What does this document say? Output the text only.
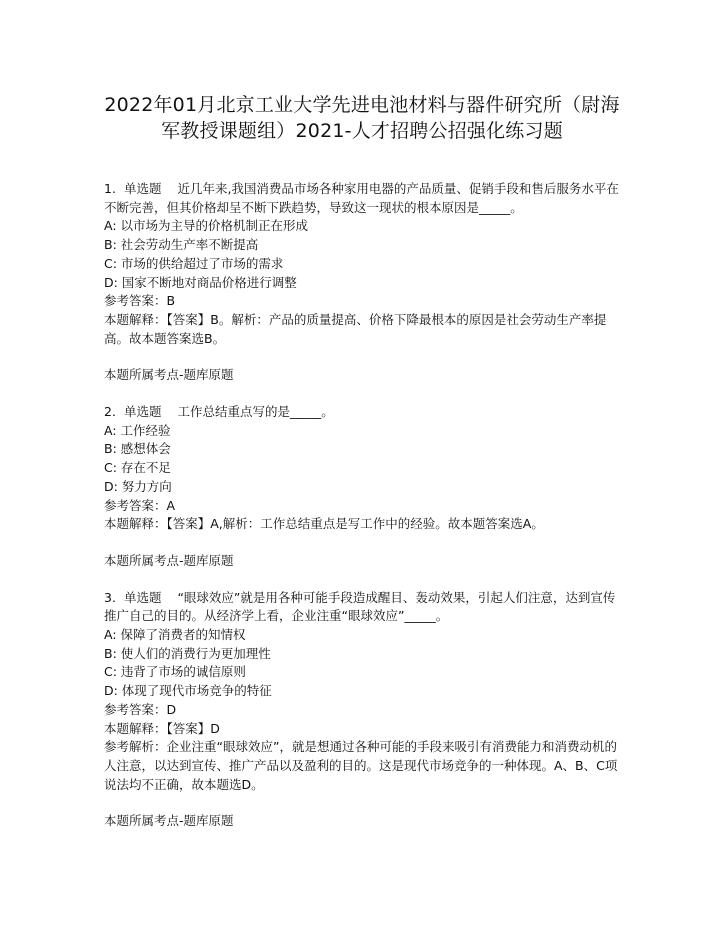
2022年01月北京工业大学先进电池材料与器件研究所（尉海
军教授课题组）2021-人才招聘公招强化练习题
1. 单选题 近几年来,我国消费品市场各种家用电器的产品质量、促销手段和售后服务水平在不断完善，但其价格却呈不断下跌趋势，导致这一现状的根本原因是_____。
A: 以市场为主导的价格机制正在形成
B: 社会劳动生产率不断提高
C: 市场的供给超过了市场的需求
D: 国家不断地对商品价格进行调整
参考答案：B
本题解释：【答案】B。解析：产品的质量提高、价格下降最根本的原因是社会劳动生产率提高。故本题答案选B。
本题所属考点-题库原题
2. 单选题 工作总结重点写的是_____。
A: 工作经验
B: 感想体会
C: 存在不足
D: 努力方向
参考答案：A
本题解释：【答案】A,解析：工作总结重点是写工作中的经验。故本题答案选A。
本题所属考点-题库原题
3. 单选题 “眼球效应”就是用各种可能手段造成醒目、轰动效果，引起人们注意，达到宣传推广自己的目的。从经济学上看，企业注重“眼球效应”_____。
A: 保障了消费者的知情权
B: 使人们的消费行为更加理性
C: 违背了市场的诚信原则
D: 体现了现代市场竞争的特征
参考答案：D
本题解释：【答案】D
参考解析：企业注重“眼球效应”，就是想通过各种可能的手段来吸引有消费能力和消费动机的人注意，以达到宣传、推广产品以及盈利的目的。这是现代市场竞争的一种体现。A、B、C项说法均不正确，故本题选D。
本题所属考点-题库原题
